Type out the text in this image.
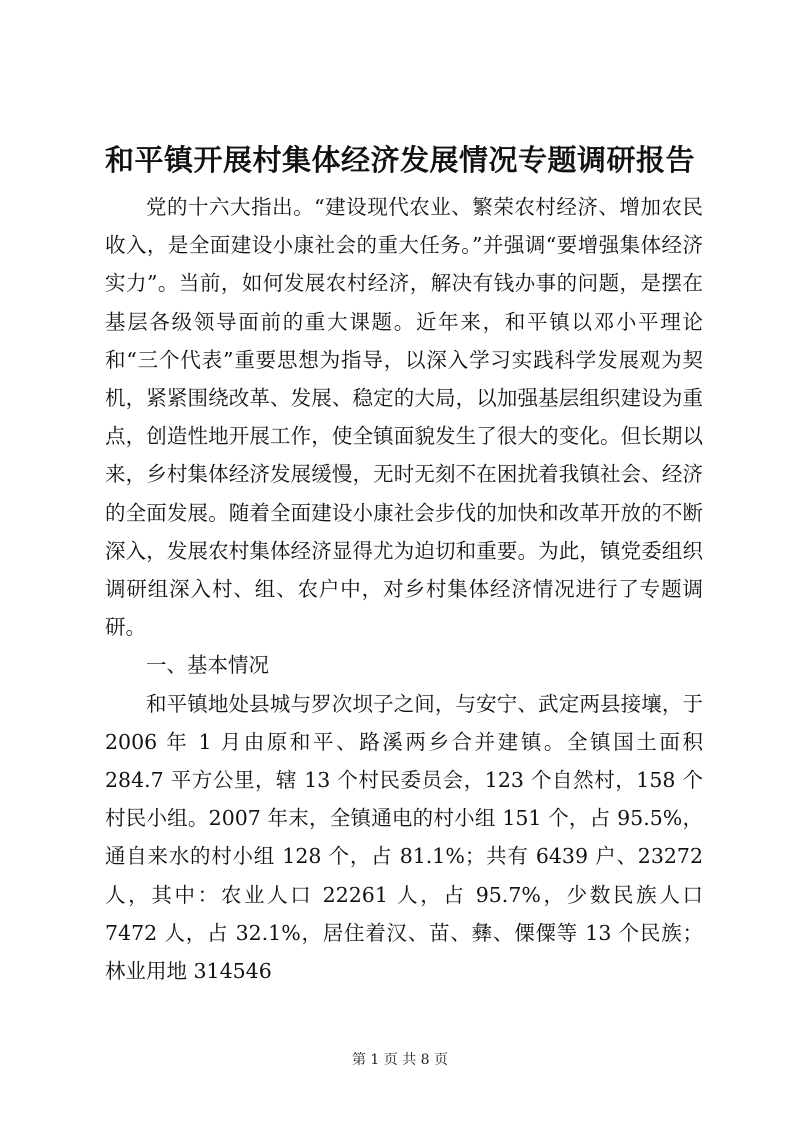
和平镇开展村集体经济发展情况专题调研报告

党的十六大指出。“建设现代农业、繁荣农村经济、增加农民收入，是全面建设小康社会的重大任务。”并强调“要增强集体经济实力”。当前，如何发展农村经济，解决有钱办事的问题，是摆在基层各级领导面前的重大课题。近年来，和平镇以邓小平理论和“三个代表”重要思想为指导，以深入学习实践科学发展观为契机，紧紧围绕改革、发展、稳定的大局，以加强基层组织建设为重点，创造性地开展工作，使全镇面貌发生了很大的变化。但长期以来，乡村集体经济发展缓慢，无时无刻不在困扰着我镇社会、经济的全面发展。随着全面建设小康社会步伐的加快和改革开放的不断深入，发展农村集体经济显得尤为迫切和重要。为此，镇党委组织调研组深入村、组、农户中，对乡村集体经济情况进行了专题调研。

一、基本情况

和平镇地处县城与罗次坝子之间，与安宁、武定两县接壤，于 2006 年 1 月由原和平、路溪两乡合并建镇。全镇国土面积 284.7 平方公里，辖 13 个村民委员会，123 个自然村，158 个村民小组。2007 年末，全镇通电的村小组 151 个，占 95.5%，通自来水的村小组 128 个，占 81.1%；共有 6439 户、23272 人，其中：农业人口 22261 人，占 95.7%，少数民族人口 7472 人，占 32.1%，居住着汉、苗、彝、傈僳等 13 个民族；林业用地 314546

第 1 页 共 8 页
